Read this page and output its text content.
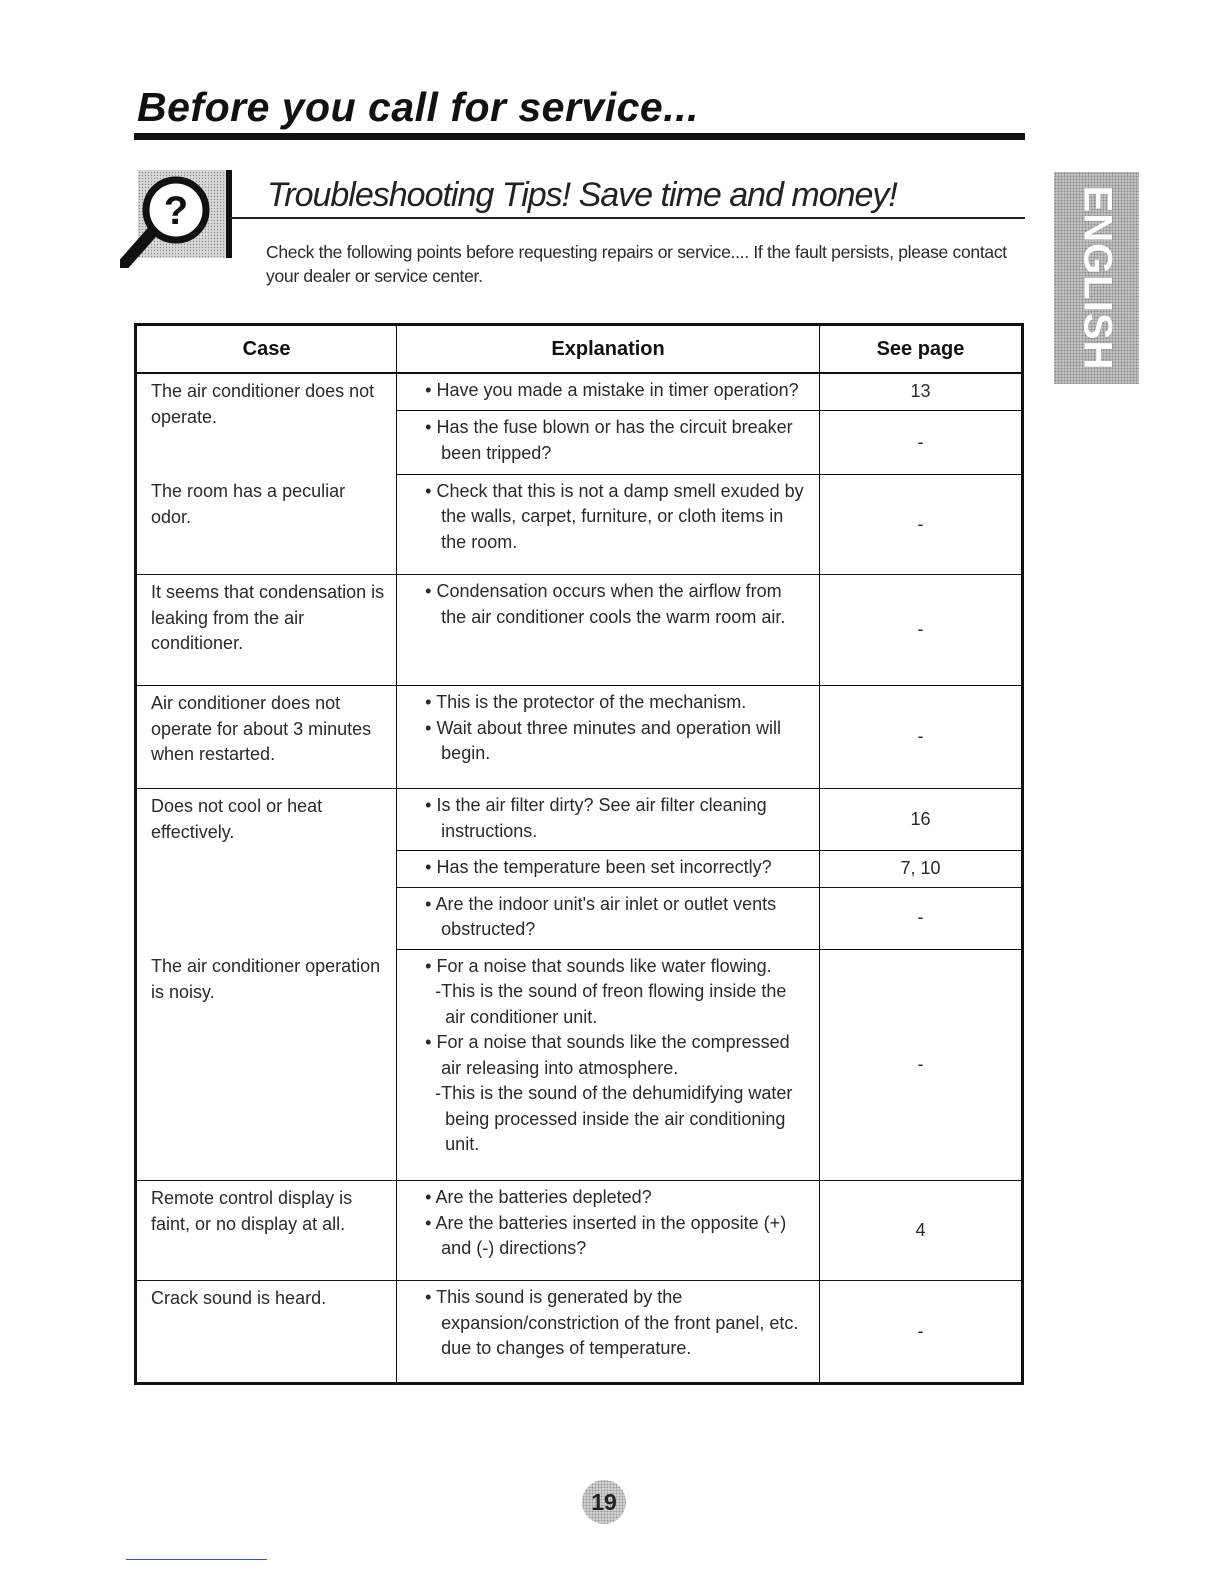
Before you call for service...
? Troubleshooting Tips! Save time and money!
Check the following points before requesting repairs or service.... If the fault persists, please contact your dealer or service center.	ENGLISH
Case	Explanation	See page
The air conditioner does not operate.	• Have you made a mistake in timer operation?	13

	• Has the fuse blown or has the circuit breaker been tripped?	-
The room has a peculiar odor.	• Check that this is not a damp smell exuded by the walls, carpet, furniture, or cloth items in the room.	-
It seems that condensation is leaking from the air conditioner.	• Condensation occurs when the airflow from the air conditioner cools the warm room air.	-
Air conditioner does not operate for about 3 minutes when restarted.	• This is the protector of the mechanism.
• Wait about three minutes and operation will begin.	-
Does not cool or heat effectively.	• Is the air filter dirty? See air filter cleaning instructions.	16

	• Has the temperature been set incorrectly?	7, 10

	• Are the indoor unit's air inlet or outlet vents obstructed?	-
The air conditioner operation is noisy.	• For a noise that sounds like water flowing.
-This is the sound of freon flowing inside the air conditioner unit.
• For a noise that sounds like the compressed air releasing into atmosphere.
-This is the sound of the dehumidifying water being processed inside the air conditioning unit.	-
Remote control display is faint, or no display at all.	• Are the batteries depleted?
• Are the batteries inserted in the opposite (+) and (-) directions?	4
Crack sound is heard.	• This sound is generated by the expansion/constriction of the front panel, etc. due to changes of temperature.	-
19
